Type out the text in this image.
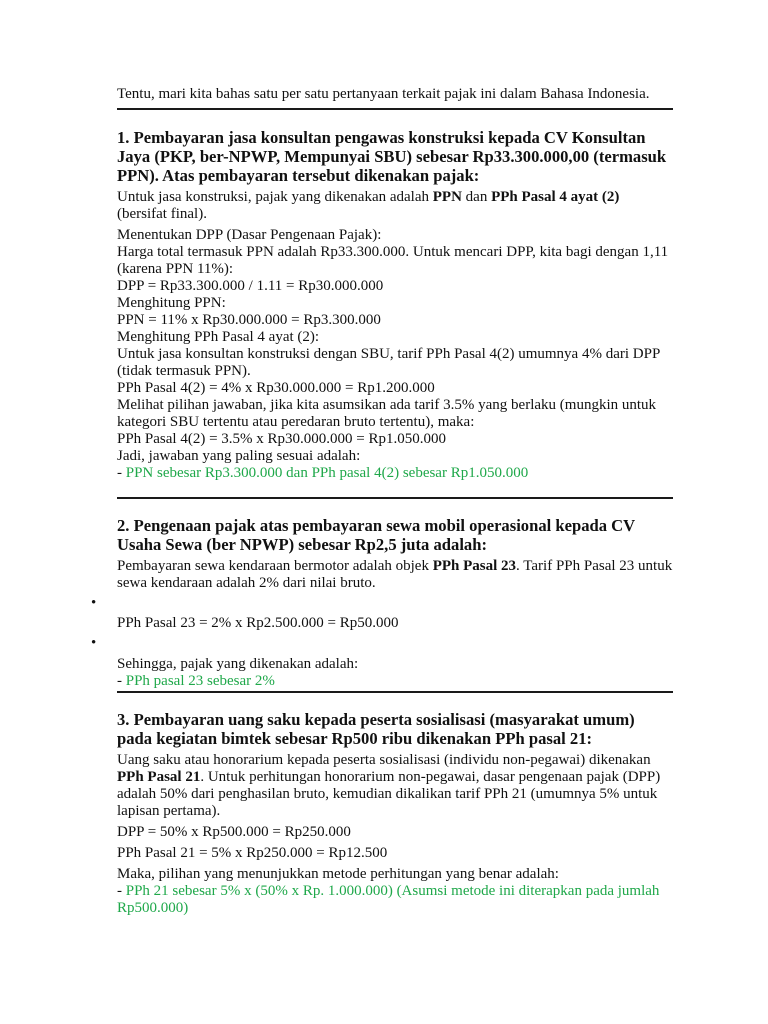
Tentu, mari kita bahas satu per satu pertanyaan terkait pajak ini dalam Bahasa Indonesia.

1. Pembayaran jasa konsultan pengawas konstruksi kepada CV Konsultan Jaya (PKP, ber-NPWP, Mempunyai SBU) sebesar Rp33.300.000,00 (termasuk PPN). Atas pembayaran tersebut dikenakan pajak:

Untuk jasa konstruksi, pajak yang dikenakan adalah PPN dan PPh Pasal 4 ayat (2) (bersifat final).

Menentukan DPP (Dasar Pengenaan Pajak):

Harga total termasuk PPN adalah Rp33.300.000. Untuk mencari DPP, kita bagi dengan 1,11 (karena PPN 11%):

DPP = Rp33.300.000 / 1.11 = Rp30.000.000

Menghitung PPN:

PPN = 11% x Rp30.000.000 = Rp3.300.000

Menghitung PPh Pasal 4 ayat (2):

Untuk jasa konsultan konstruksi dengan SBU, tarif PPh Pasal 4(2) umumnya 4% dari DPP (tidak termasuk PPN).

PPh Pasal 4(2) = 4% x Rp30.000.000 = Rp1.200.000

Melihat pilihan jawaban, jika kita asumsikan ada tarif 3.5% yang berlaku (mungkin untuk kategori SBU tertentu atau peredaran bruto tertentu), maka:

PPh Pasal 4(2) = 3.5% x Rp30.000.000 = Rp1.050.000

Jadi, jawaban yang paling sesuai adalah:

- PPN sebesar Rp3.300.000 dan PPh pasal 4(2) sebesar Rp1.050.000

2. Pengenaan pajak atas pembayaran sewa mobil operasional kepada CV Usaha Sewa (ber NPWP) sebesar Rp2,5 juta adalah:

Pembayaran sewa kendaraan bermotor adalah objek PPh Pasal 23. Tarif PPh Pasal 23 untuk sewa kendaraan adalah 2% dari nilai bruto.

•

PPh Pasal 23 = 2% x Rp2.500.000 = Rp50.000

•

Sehingga, pajak yang dikenakan adalah:

- PPh pasal 23 sebesar 2%

3. Pembayaran uang saku kepada peserta sosialisasi (masyarakat umum) pada kegiatan bimtek sebesar Rp500 ribu dikenakan PPh pasal 21:

Uang saku atau honorarium kepada peserta sosialisasi (individu non-pegawai) dikenakan PPh Pasal 21. Untuk perhitungan honorarium non-pegawai, dasar pengenaan pajak (DPP) adalah 50% dari penghasilan bruto, kemudian dikalikan tarif PPh 21 (umumnya 5% untuk lapisan pertama).

DPP = 50% x Rp500.000 = Rp250.000

PPh Pasal 21 = 5% x Rp250.000 = Rp12.500

Maka, pilihan yang menunjukkan metode perhitungan yang benar adalah:

- PPh 21 sebesar 5% x (50% x Rp. 1.000.000) (Asumsi metode ini diterapkan pada jumlah Rp500.000)
